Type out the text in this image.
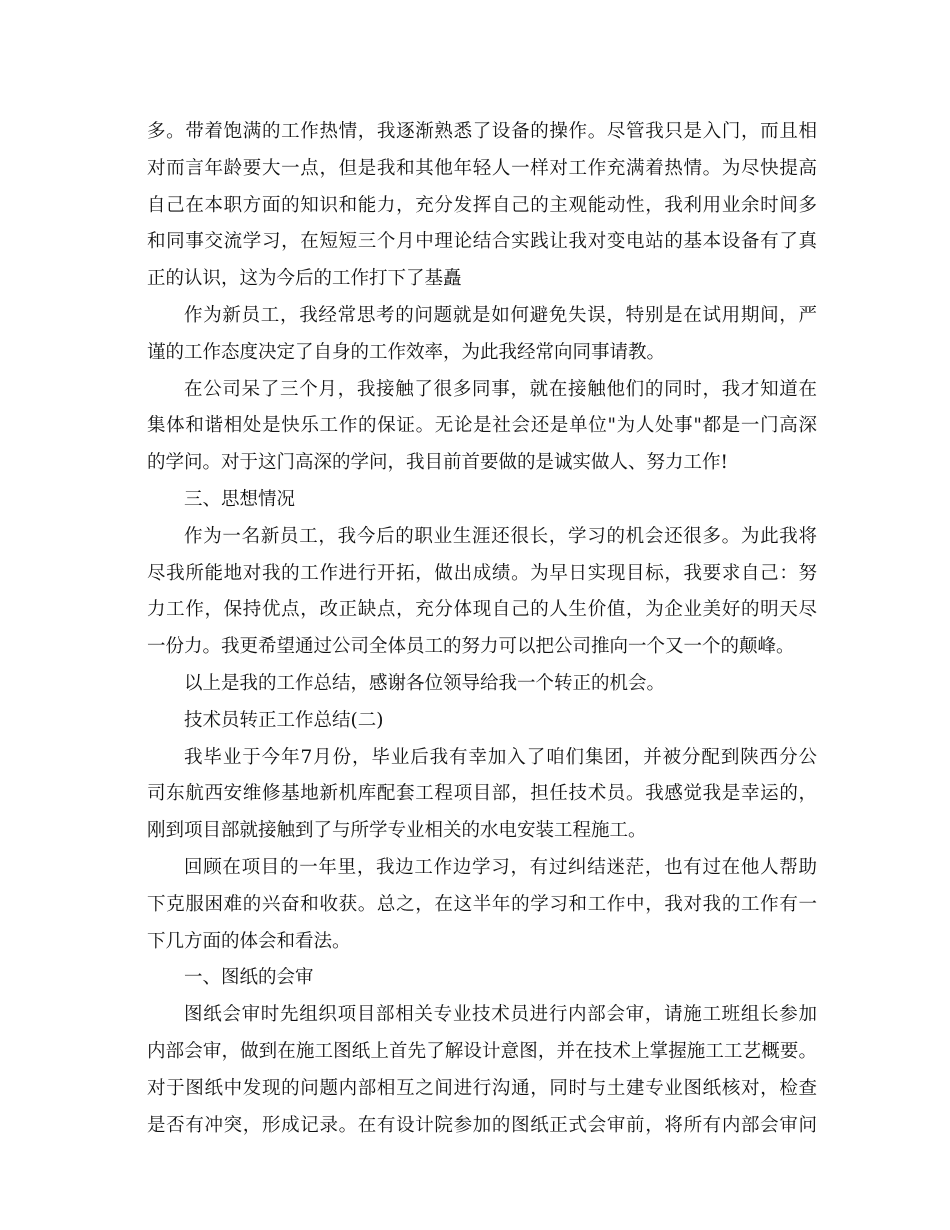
多。带着饱满的工作热情，我逐渐熟悉了设备的操作。尽管我只是入门，而且相
对而言年龄要大一点，但是我和其他年轻人一样对工作充满着热情。为尽快提高
自己在本职方面的知识和能力，充分发挥自己的主观能动性，我利用业余时间多
和同事交流学习，在短短三个月中理论结合实践让我对变电站的基本设备有了真
正的认识，这为今后的工作打下了基矗
作为新员工，我经常思考的问题就是如何避免失误，特别是在试用期间，严
谨的工作态度决定了自身的工作效率，为此我经常向同事请教。
在公司呆了三个月，我接触了很多同事，就在接触他们的同时，我才知道在
集体和谐相处是快乐工作的保证。无论是社会还是单位"为人处事"都是一门高深
的学问。对于这门高深的学问，我目前首要做的是诚实做人、努力工作!
三、思想情况
作为一名新员工，我今后的职业生涯还很长，学习的机会还很多。为此我将
尽我所能地对我的工作进行开拓，做出成绩。为早日实现目标，我要求自己：努
力工作，保持优点，改正缺点，充分体现自己的人生价值，为企业美好的明天尽
一份力。我更希望通过公司全体员工的努力可以把公司推向一个又一个的颠峰。
以上是我的工作总结，感谢各位领导给我一个转正的机会。
技术员转正工作总结(二)
我毕业于今年7月份，毕业后我有幸加入了咱们集团，并被分配到陕西分公
司东航西安维修基地新机库配套工程项目部，担任技术员。我感觉我是幸运的，
刚到项目部就接触到了与所学专业相关的水电安装工程施工。
回顾在项目的一年里，我边工作边学习，有过纠结迷茫，也有过在他人帮助
下克服困难的兴奋和收获。总之，在这半年的学习和工作中，我对我的工作有一
下几方面的体会和看法。
一、图纸的会审
图纸会审时先组织项目部相关专业技术员进行内部会审，请施工班组长参加
内部会审，做到在施工图纸上首先了解设计意图，并在技术上掌握施工工艺概要。
对于图纸中发现的问题内部相互之间进行沟通，同时与土建专业图纸核对，检查
是否有冲突，形成记录。在有设计院参加的图纸正式会审前，将所有内部会审问
